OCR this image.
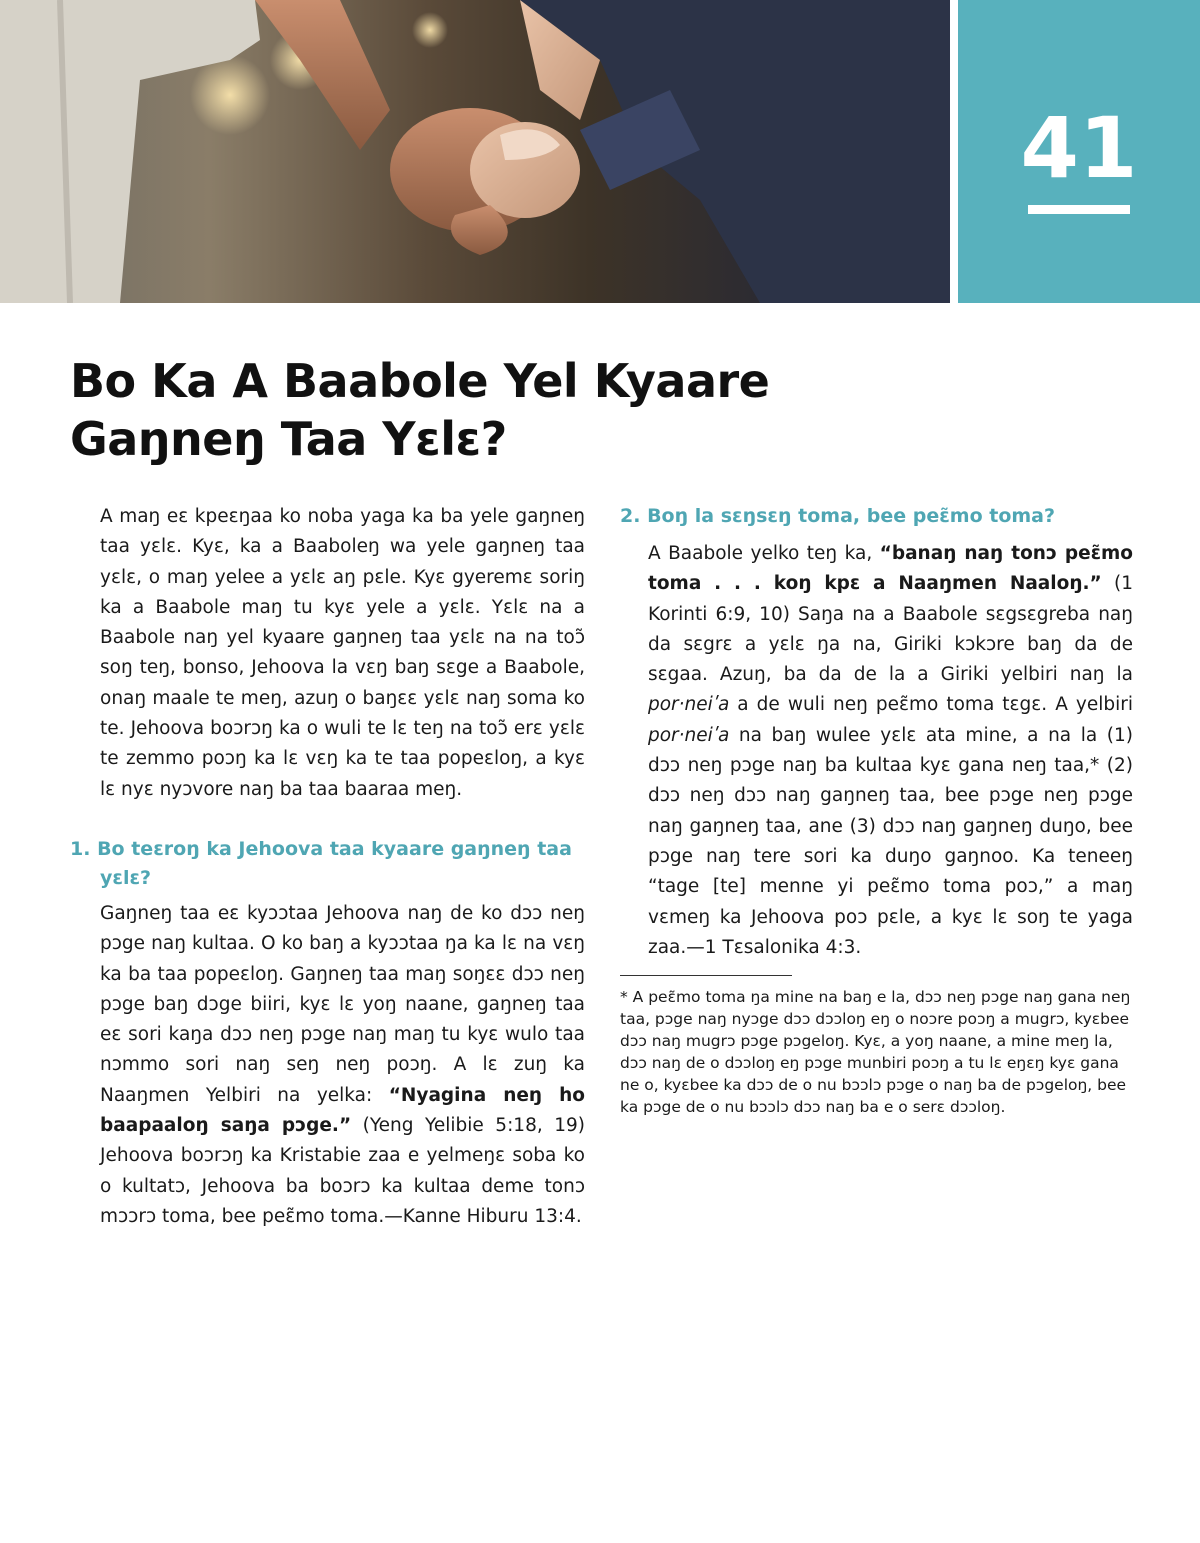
41
Bo Ka A Baabole Yel Kyaare
Gaŋneŋ Taa Yɛlɛ?

A maŋ eɛ kpeɛŋaa ko noba yaga ka ba yele gaŋneŋ taa yɛlɛ. Kyɛ, ka a Baaboleŋ wa yele gaŋneŋ taa yɛlɛ, o maŋ yelee a yɛlɛ aŋ pɛle. Kyɛ gyeremɛ soriŋ ka a Baabole maŋ tu kyɛ yele a yɛlɛ. Yɛlɛ na a Baabole naŋ yel kyaare gaŋneŋ taa yɛlɛ na na toɔ̃ soŋ teŋ, bonso, Jehoova la vɛŋ baŋ sɛge a Baabole, onaŋ maale te meŋ, azuŋ o baŋɛɛ yɛlɛ naŋ soma ko te. Jehoova boɔrɔŋ ka o wuli te lɛ teŋ na toɔ̃ erɛ yɛlɛ te zemmo poɔŋ ka lɛ vɛŋ ka te taa popeɛloŋ, a kyɛ lɛ nyɛ nyɔvore naŋ ba taa baaraa meŋ.

1. Bo teɛroŋ ka Jehoova taa kyaare gaŋneŋ taa yɛlɛ?

Gaŋneŋ taa eɛ kyɔɔtaa Jehoova naŋ de ko dɔɔ neŋ pɔge naŋ kultaa. O ko baŋ a kyɔɔtaa ŋa ka lɛ na vɛŋ ka ba taa popeɛloŋ. Gaŋneŋ taa maŋ soŋɛɛ dɔɔ neŋ pɔge baŋ dɔge biiri, kyɛ lɛ yoŋ naane, gaŋneŋ taa eɛ sori kaŋa dɔɔ neŋ pɔge naŋ maŋ tu kyɛ wulo taa nɔmmo sori naŋ seŋ neŋ poɔŋ. A lɛ zuŋ ka Naaŋmen Yelbiri na yelka: “Nyagina neŋ ho baapaaloŋ saŋa pɔge.” (Yeng Yelibie 5:18, 19) Jehoova boɔrɔŋ ka Kristabie zaa e yelmeŋɛ soba ko o kultatɔ, Jehoova ba boɔrɔ ka kultaa deme tonɔ mɔɔrɔ toma, bee peɛ̃mo toma.—Kanne Hiburu 13:4.

2. Boŋ la sɛŋsɛŋ toma, bee peɛ̃mo toma?

A Baabole yelko teŋ ka, “banaŋ naŋ tonɔ peɛ̃mo toma . . . koŋ kpɛ a Naaŋmen Naaloŋ.” (1 Korinti 6:9, 10) Saŋa na a Baabole sɛgsɛgreba naŋ da sɛgrɛ a yɛlɛ ŋa na, Giriki kɔkɔre baŋ da de sɛgaa. Azuŋ, ba da de la a Giriki yelbiri naŋ la por·neiʹa a de wuli neŋ peɛ̃mo toma tɛgɛ. A yelbiri por·neiʹa na baŋ wulee yɛlɛ ata mine, a na la (1) dɔɔ neŋ pɔge naŋ ba kultaa kyɛ gana neŋ taa,* (2) dɔɔ neŋ dɔɔ naŋ gaŋneŋ taa, bee pɔge neŋ pɔge naŋ gaŋneŋ taa, ane (3) dɔɔ naŋ gaŋneŋ duŋo, bee pɔge naŋ tere sori ka duŋo gaŋnoo. Ka teneeŋ “tage [te] menne yi peɛ̃mo toma poɔ,” a maŋ vɛmeŋ ka Jehoova poɔ pɛle, a kyɛ lɛ soŋ te yaga zaa.—1 Tɛsalonika 4:3.

* A peɛ̃mo toma ŋa mine na baŋ e la, dɔɔ neŋ pɔge naŋ gana neŋ taa, pɔge naŋ nyɔge dɔɔ dɔɔloŋ eŋ o noɔre poɔŋ a mugrɔ, kyɛbee dɔɔ naŋ mugrɔ pɔge pɔgeloŋ. Kyɛ, a yoŋ naane, a mine meŋ la, dɔɔ naŋ de o dɔɔloŋ eŋ pɔge munbiri poɔŋ a tu lɛ eŋɛŋ kyɛ gana ne o, kyɛbee ka dɔɔ de o nu bɔɔlɔ pɔge o naŋ ba de pɔgeloŋ, bee ka pɔge de o nu bɔɔlɔ dɔɔ naŋ ba e o serɛ dɔɔloŋ.
